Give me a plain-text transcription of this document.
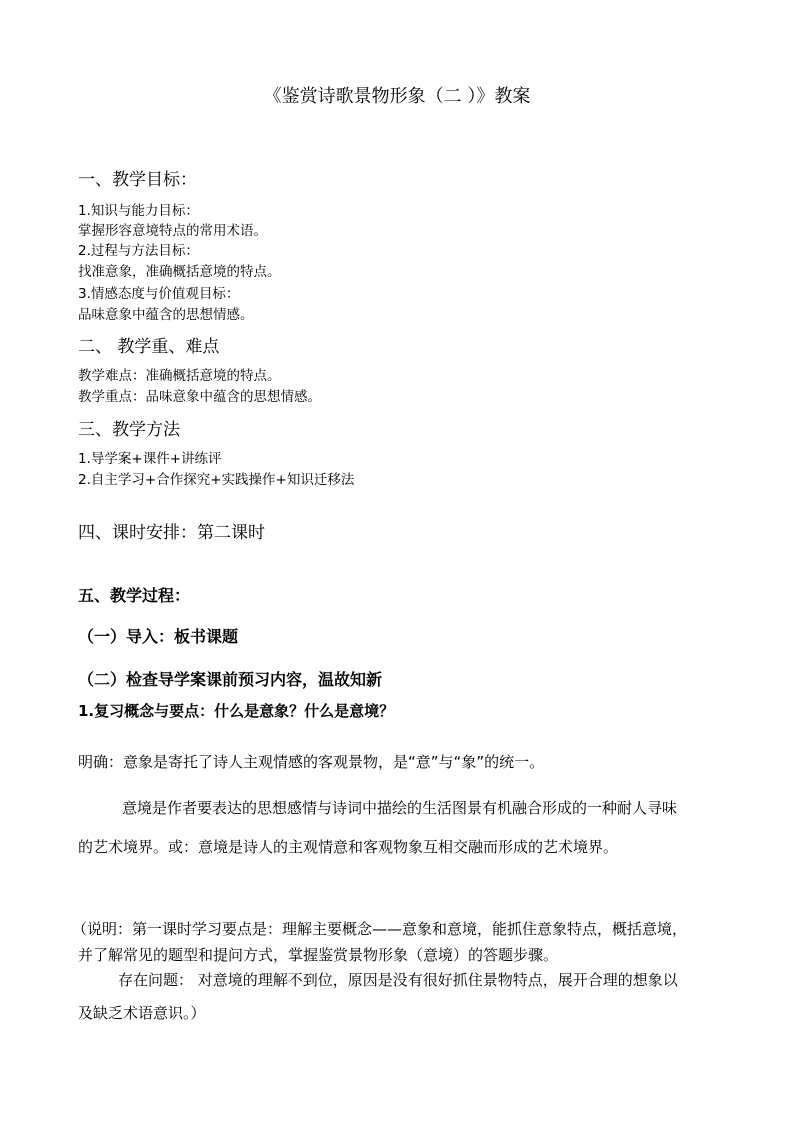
《鉴赏诗歌景物形象（二 ）》教案
一、教学目标：
1.知识与能力目标：
掌握形容意境特点的常用术语。
2.过程与方法目标：
找准意象，准确概括意境的特点。
3.情感态度与价值观目标：
品味意象中蕴含的思想情感。
二、 教学重、难点
教学难点：准确概括意境的特点。
教学重点：品味意象中蕴含的思想情感。
三、教学方法
1.导学案+课件+讲练评
2.自主学习+合作探究+实践操作+知识迁移法
四、课时安排：第二课时
五、教学过程：
（一）导入：板书课题
（二）检查导学案课前预习内容，温故知新
1.复习概念与要点：什么是意象？什么是意境？
明确：意象是寄托了诗人主观情感的客观景物，是“意”与“象”的统一。
意境是作者要表达的思想感情与诗词中描绘的生活图景有机融合形成的一种耐人寻味
的艺术境界。或：意境是诗人的主观情意和客观物象互相交融而形成的艺术境界。
（说明：第一课时学习要点是：理解主要概念——意象和意境，能抓住意象特点，概括意境，
并了解常见的题型和提问方式，掌握鉴赏景物形象（意境）的答题步骤。
存在问题： 对意境的理解不到位，原因是没有很好抓住景物特点，展开合理的想象以
及缺乏术语意识。）
